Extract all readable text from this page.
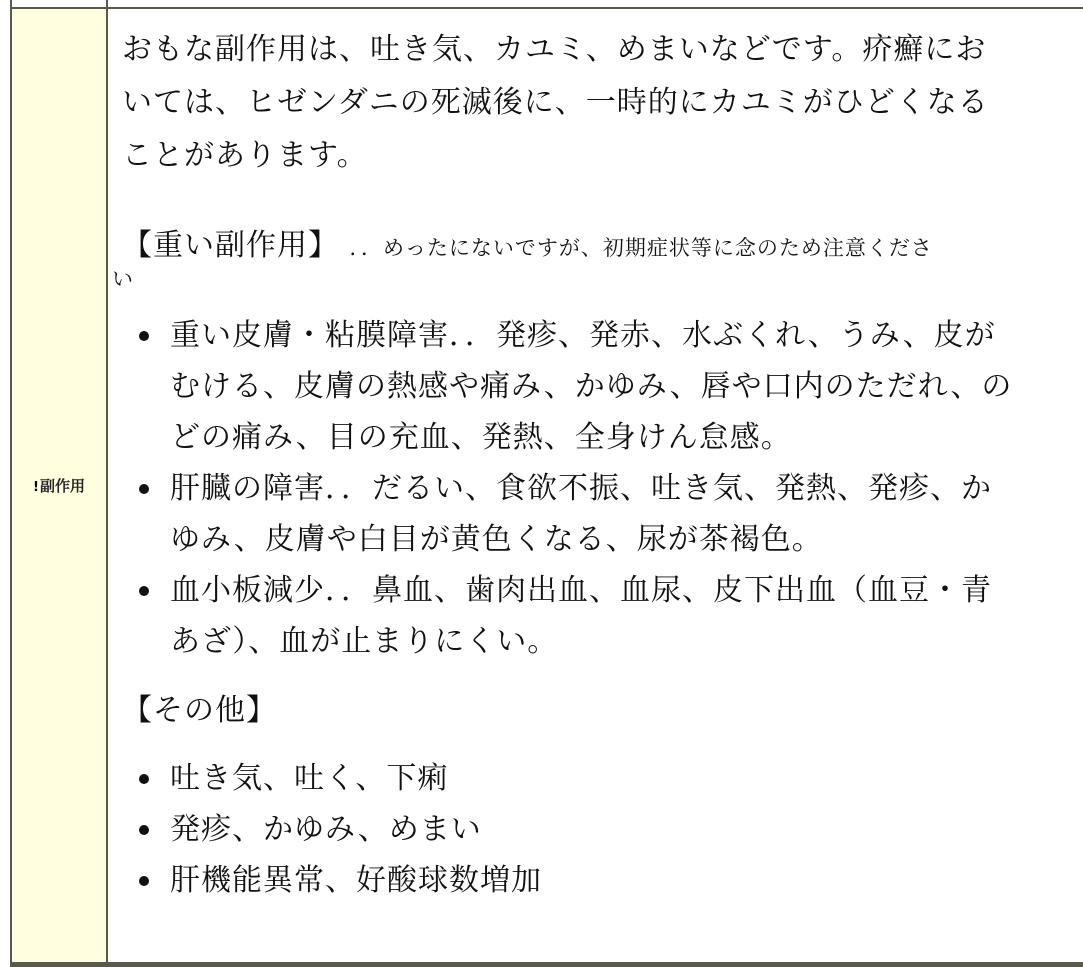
!副作用

おもな副作用は、吐き気、カユミ、めまいなどです。疥癬にお
いては、ヒゼンダニの死滅後に、一時的にカユミがひどくなる
ことがあります。

【重い副作用】 ．．めったにないですが、初期症状等に念のため注意くださ

い
重い皮膚・粘膜障害．．発疹、発赤、水ぶくれ、うみ、皮が
むける、皮膚の熱感や痛み、かゆみ、唇や口内のただれ、の
どの痛み、目の充血、発熱、全身けん怠感。
肝臓の障害．．だるい、食欲不振、吐き気、発熱、発疹、か
ゆみ、皮膚や白目が黄色くなる、尿が茶褐色。
血小板減少．．鼻血、歯肉出血、血尿、皮下出血（血豆・青
あざ）、血が止まりにくい。

【その他】

吐き気、吐く、下痢
発疹、かゆみ、めまい
肝機能異常、好酸球数増加
